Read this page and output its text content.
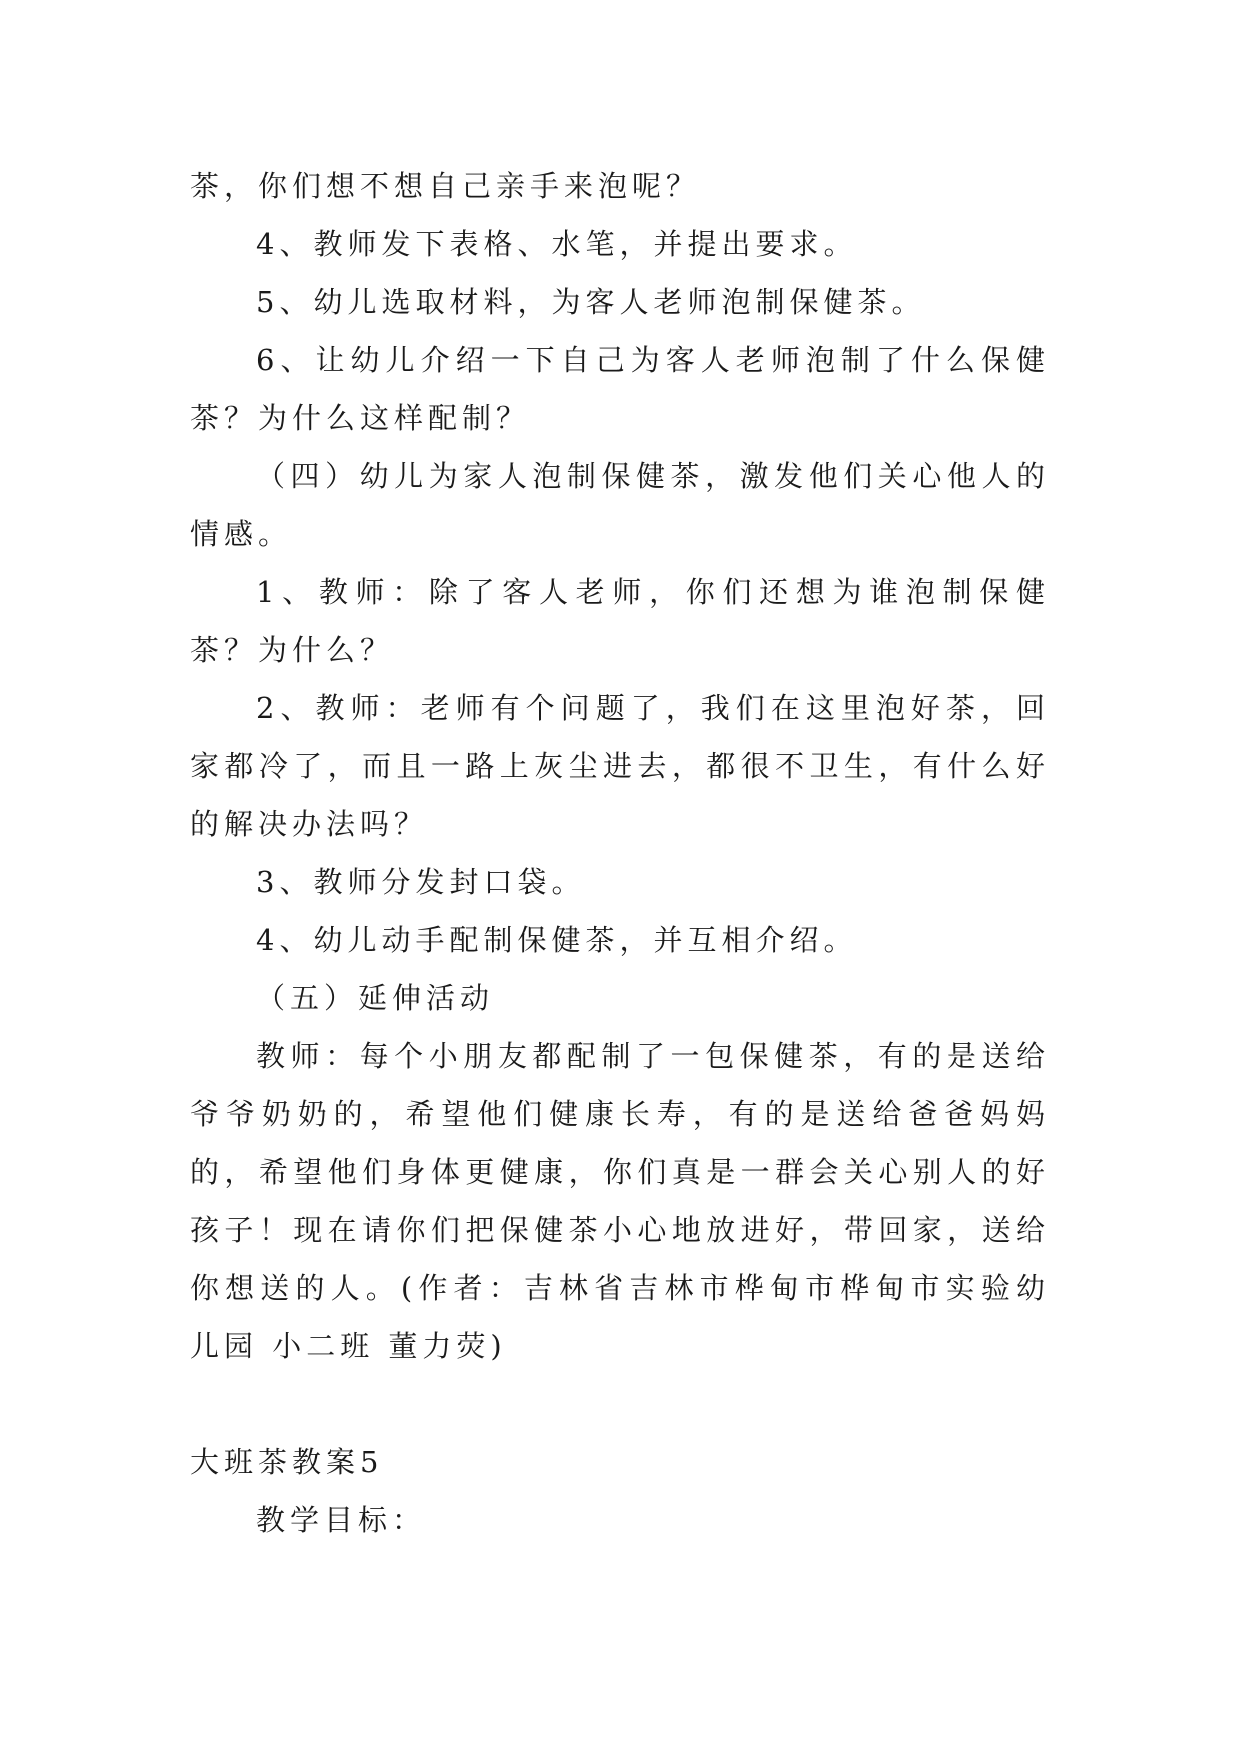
茶，你们想不想自己亲手来泡呢？

4、教师发下表格、水笔，并提出要求。

5、幼儿选取材料，为客人老师泡制保健茶。

6、让幼儿介绍一下自己为客人老师泡制了什么保健茶？为什么这样配制？

（四）幼儿为家人泡制保健茶，激发他们关心他人的情感。

1、教师：除了客人老师，你们还想为谁泡制保健茶？为什么？

2、教师：老师有个问题了，我们在这里泡好茶，回家都冷了，而且一路上灰尘进去，都很不卫生，有什么好的解决办法吗？

3、教师分发封口袋。

4、幼儿动手配制保健茶，并互相介绍。

（五）延伸活动

教师：每个小朋友都配制了一包保健茶，有的是送给爷爷奶奶的，希望他们健康长寿，有的是送给爸爸妈妈的，希望他们身体更健康，你们真是一群会关心别人的好孩子！现在请你们把保健茶小心地放进好，带回家，送给你想送的人。(作者：吉林省吉林市桦甸市桦甸市实验幼儿园 小二班 董力荧)

大班茶教案5

教学目标：
